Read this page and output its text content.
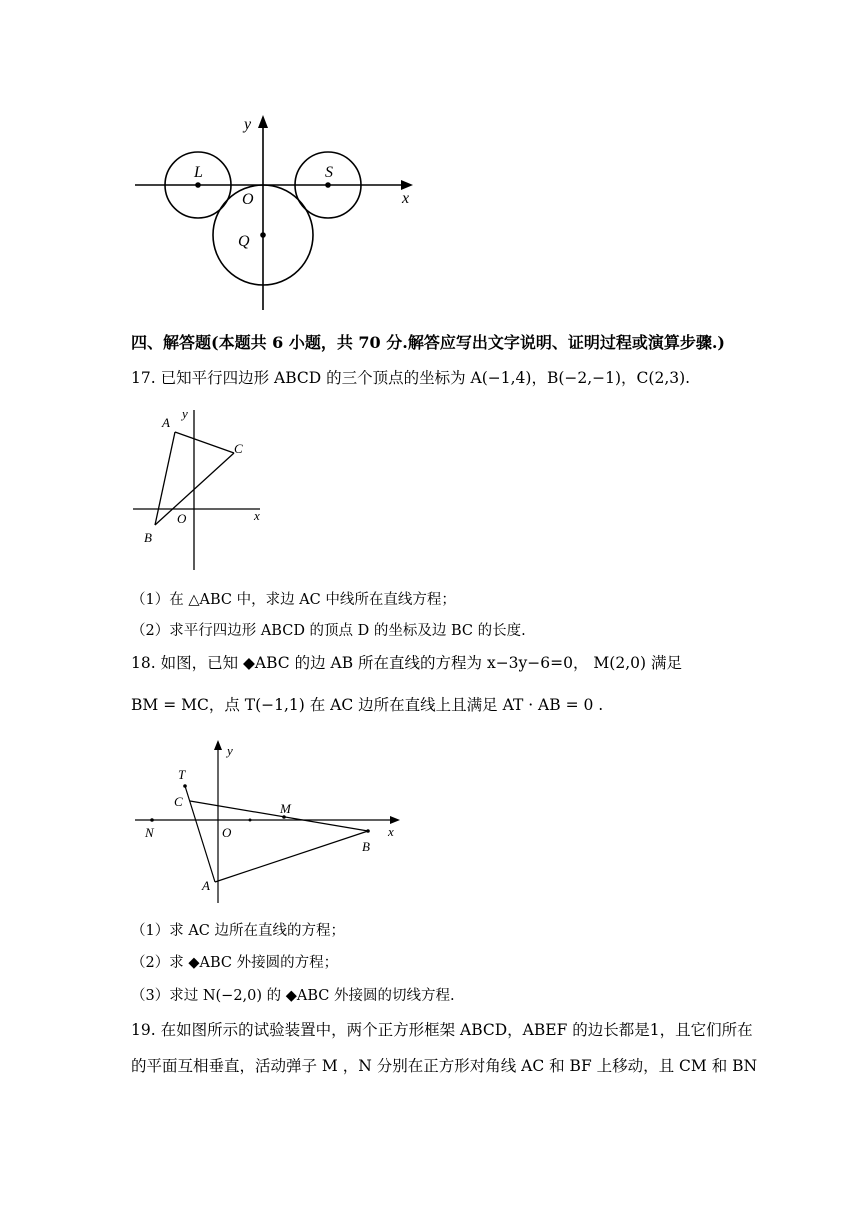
y
x
L	S
O
Q
四、解答题(本题共 6 小题，共 70 分.解答应写出文字说明、证明过程或演算步骤.)
17. 已知平行四边形 ABCD 的三个顶点的坐标为 A(−1,4)，B(−2,−1)，C(2,3).
y
x
A
B
C
O
（1）在 △ABC 中，求边 AC 中线所在直线方程；
（2）求平行四边形 ABCD 的顶点 D 的坐标及边 BC 的长度.
18. 如图，已知 ◆ABC 的边 AB 所在直线的方程为 x−3y−6=0， M(2,0) 满足
BM = MC，点 T(−1,1) 在 AC 边所在直线上且满足 AT · AB = 0 .
y
x
T
C	M
N	O
B
A
（1）求 AC 边所在直线的方程；
（2）求 ◆ABC 外接圆的方程；
（3）求过 N(−2,0) 的 ◆ABC 外接圆的切线方程.
19. 在如图所示的试验装置中，两个正方形框架 ABCD，ABEF 的边长都是1，且它们所在
的平面互相垂直，活动弹子 M ，N 分别在正方形对角线 AC 和 BF 上移动，且 CM 和 BN
